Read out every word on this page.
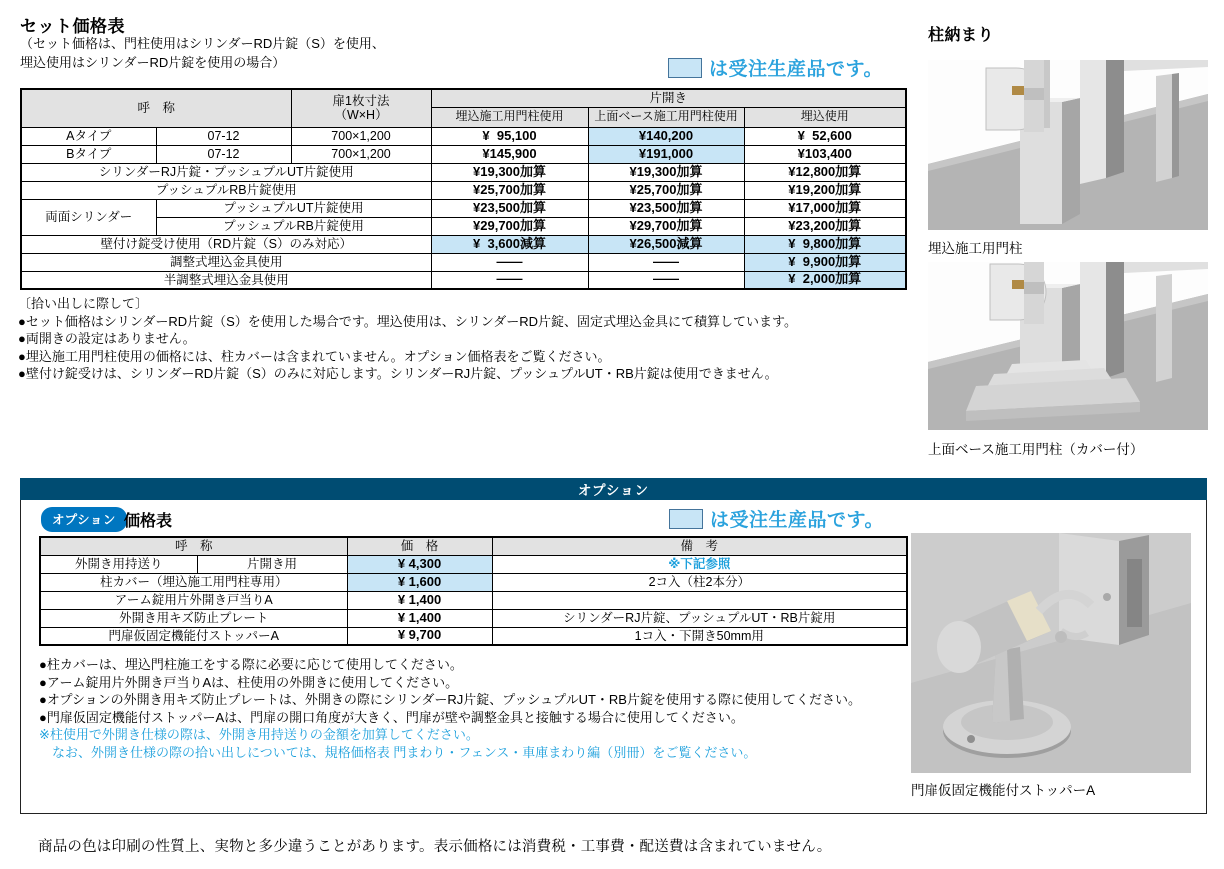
セット価格表
（セット価格は、門柱使用はシリンダーRD片錠（S）を使用、
埋込使用はシリンダーRD片錠を使用の場合）	は受注生産品です。
呼　称		扉1枚寸法
（W×H）	片開き		
			埋込施工用門柱使用	上面ベース施工用門柱使用	埋込使用
Aタイプ	07-12	700×1,200	¥  95,100	¥140,200	¥  52,600
Bタイプ	07-12	700×1,200	¥145,900	¥191,000	¥103,400
シリンダーRJ片錠・プッシュプルUT片錠使用			¥19,300加算	¥19,300加算	¥12,800加算
プッシュプルRB片錠使用			¥25,700加算	¥25,700加算	¥19,200加算
両面シリンダー	プッシュプルUT片錠使用		¥23,500加算	¥23,500加算	¥17,000加算
	プッシュプルRB片錠使用		¥29,700加算	¥29,700加算	¥23,200加算
壁付け錠受け使用（RD片錠（S）のみ対応）			¥  3,600減算	¥26,500減算	¥  9,800加算
調整式埋込金具使用			――	――	¥  9,900加算
半調整式埋込金具使用			――	――	¥  2,000加算
〔拾い出しに際して〕
●セット価格はシリンダーRD片錠（S）を使用した場合です。埋込使用は、シリンダーRD片錠、固定式埋込金具にて積算しています。
●両開きの設定はありません。
●埋込施工用門柱使用の価格には、柱カバーは含まれていません。オプション価格表をご覧ください。
●壁付け錠受けは、シリンダーRD片錠（S）のみに対応します。シリンダーRJ片錠、プッシュプルUT・RB片錠は使用できません。
柱納まり
埋込施工用門柱
上面ベース施工用門柱（カバー付）
オプション
オプション 価格表	は受注生産品です。
呼　称		価　格	備　考
外開き用持送り	片開き用	¥ 4,300	※下記参照
柱カバー（埋込施工用門柱専用）		¥ 1,600	2コ入（柱2本分）
アーム錠用片外開き戸当りA		¥ 1,400	
外開き用キズ防止プレート		¥ 1,400	シリンダーRJ片錠、プッシュプルUT・RB片錠用
門扉仮固定機能付ストッパーA		¥ 9,700	1コ入・下開き50mm用
●柱カバーは、埋込門柱施工をする際に必要に応じて使用してください。
●アーム錠用片外開き戸当りAは、柱使用の外開きに使用してください。
●オプションの外開き用キズ防止プレートは、外開きの際にシリンダーRJ片錠、プッシュプルUT・RB片錠を使用する際に使用してください。
●門扉仮固定機能付ストッパーAは、門扉の開口角度が大きく、門扉が壁や調整金具と接触する場合に使用してください。
※柱使用で外開き仕様の際は、外開き用持送りの金額を加算してください。
　なお、外開き仕様の際の拾い出しについては、規格価格表 門まわり・フェンス・車庫まわり編（別冊）をご覧ください。
門扉仮固定機能付ストッパーA
商品の色は印刷の性質上、実物と多少違うことがあります。表示価格には消費税・工事費・配送費は含まれていません。
